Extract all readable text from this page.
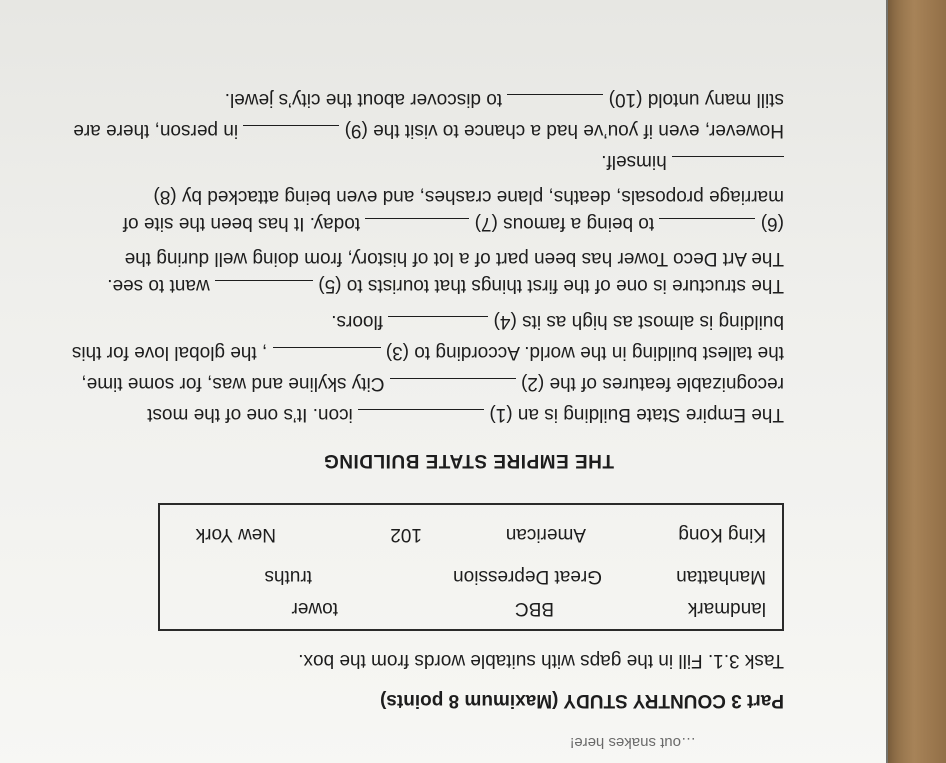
…out snakes here!
Part 3 COUNTRY STUDY (Maximum 8 points)
Task 3.1. Fill in the gaps with suitable words from the box.
landmark
BBC
tower
Manhattan
Great Depression
truths
King Kong
American
102
New York
THE EMPIRE STATE BUILDING
The Empire State Building is an (1)  icon. It’s one of the most
recognizable features of the (2)  City skyline and was, for some time,
the tallest building in the world. According to (3)  , the global love for this
building is almost as high as its (4)  floors.
The structure is one of the first things that tourists to (5)  want to see.
The Art Deco Tower has been part of a lot of history, from doing well during the
(6)  to being a famous (7)  today. It has been the site of
marriage proposals, deaths, plane crashes, and even being attacked by (8)
himself.
However, even if you’ve had a chance to visit the (9)  in person, there are
still many untold (10)  to discover about the city’s jewel.
